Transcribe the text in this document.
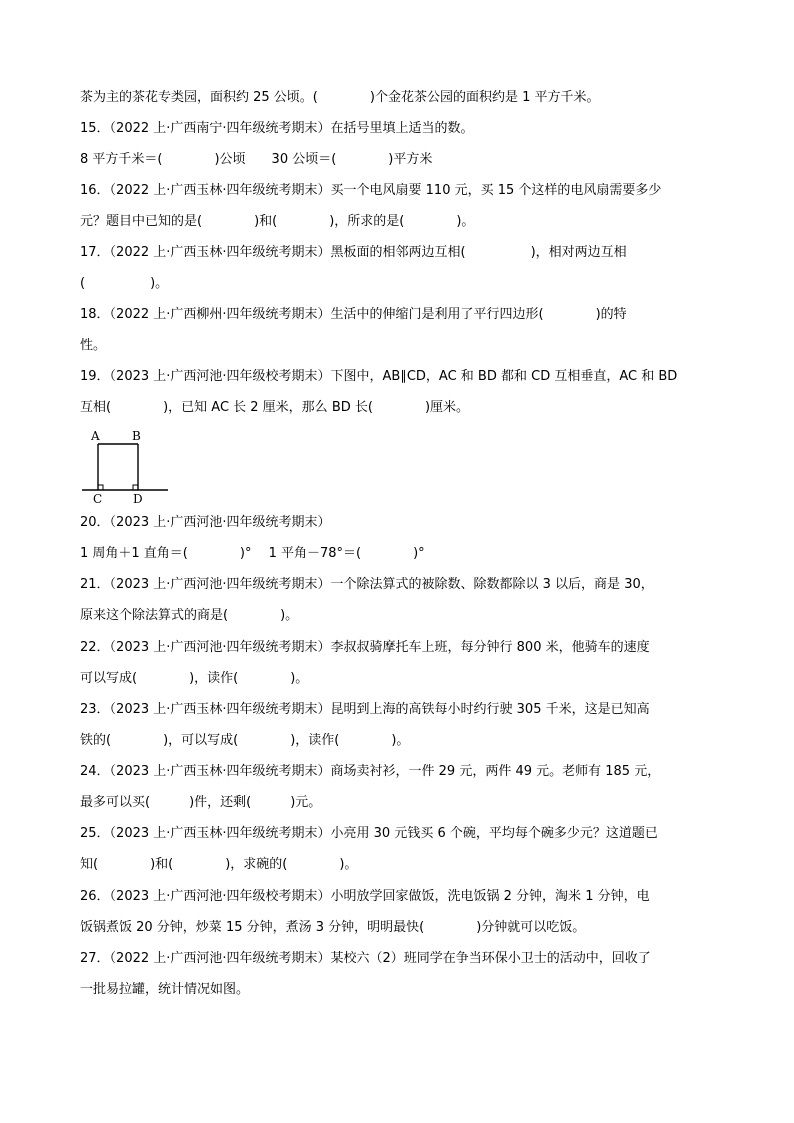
茶为主的茶花专类园，面积约 25 公顷。(　　　　)个金花茶公园的面积约是 1 平方千米。
15．（2022 上·广西南宁·四年级统考期末）在括号里填上适当的数。
8 平方千米＝(　　　　)公顷　　30 公顷＝(　　　　)平方米
16．（2022 上·广西玉林·四年级统考期末）买一个电风扇要 110 元，买 15 个这样的电风扇需要多少
元？题目中已知的是(　　　　)和(　　　　)，所求的是(　　　　)。
17．（2022 上·广西玉林·四年级统考期末）黑板面的相邻两边互相(　　　　　)，相对两边互相
(　　　　　)。
18．（2022 上·广西柳州·四年级统考期末）生活中的伸缩门是利用了平行四边形(　　　　)的特
性。
19．（2023 上·广西河池·四年级校考期末）下图中，AB∥CD，AC 和 BD 都和 CD 互相垂直，AC 和 BD
互相(　　　　)，已知 AC 长 2 厘米，那么 BD 长(　　　　)厘米。
A	B
C	D
20．（2023 上·广西河池·四年级统考期末）
1 周角＋1 直角＝(　　　　)°　 1 平角－78°＝(　　　　)°
21．（2023 上·广西河池·四年级统考期末）一个除法算式的被除数、除数都除以 3 以后，商是 30，
原来这个除法算式的商是(　　　　)。
22．（2023 上·广西河池·四年级统考期末）李叔叔骑摩托车上班，每分钟行 800 米，他骑车的速度
可以写成(　　　　)，读作(　　　　)。
23．（2023 上·广西玉林·四年级统考期末）昆明到上海的高铁每小时约行驶 305 千米，这是已知高
铁的(　　　　)，可以写成(　　　　)，读作(　　　　)。
24．（2023 上·广西玉林·四年级统考期末）商场卖衬衫，一件 29 元，两件 49 元。老师有 185 元，
最多可以买(　　　)件，还剩(　　　)元。
25．（2023 上·广西玉林·四年级统考期末）小亮用 30 元钱买 6 个碗，平均每个碗多少元？这道题已
知(　　　　)和(　　　　)，求碗的(　　　　)。
26．（2023 上·广西河池·四年级校考期末）小明放学回家做饭，洗电饭锅 2 分钟，淘米 1 分钟，电
饭锅煮饭 20 分钟，炒菜 15 分钟，煮汤 3 分钟，明明最快(　　　　)分钟就可以吃饭。
27．（2022 上·广西河池·四年级统考期末）某校六（2）班同学在争当环保小卫士的活动中，回收了
一批易拉罐，统计情况如图。
